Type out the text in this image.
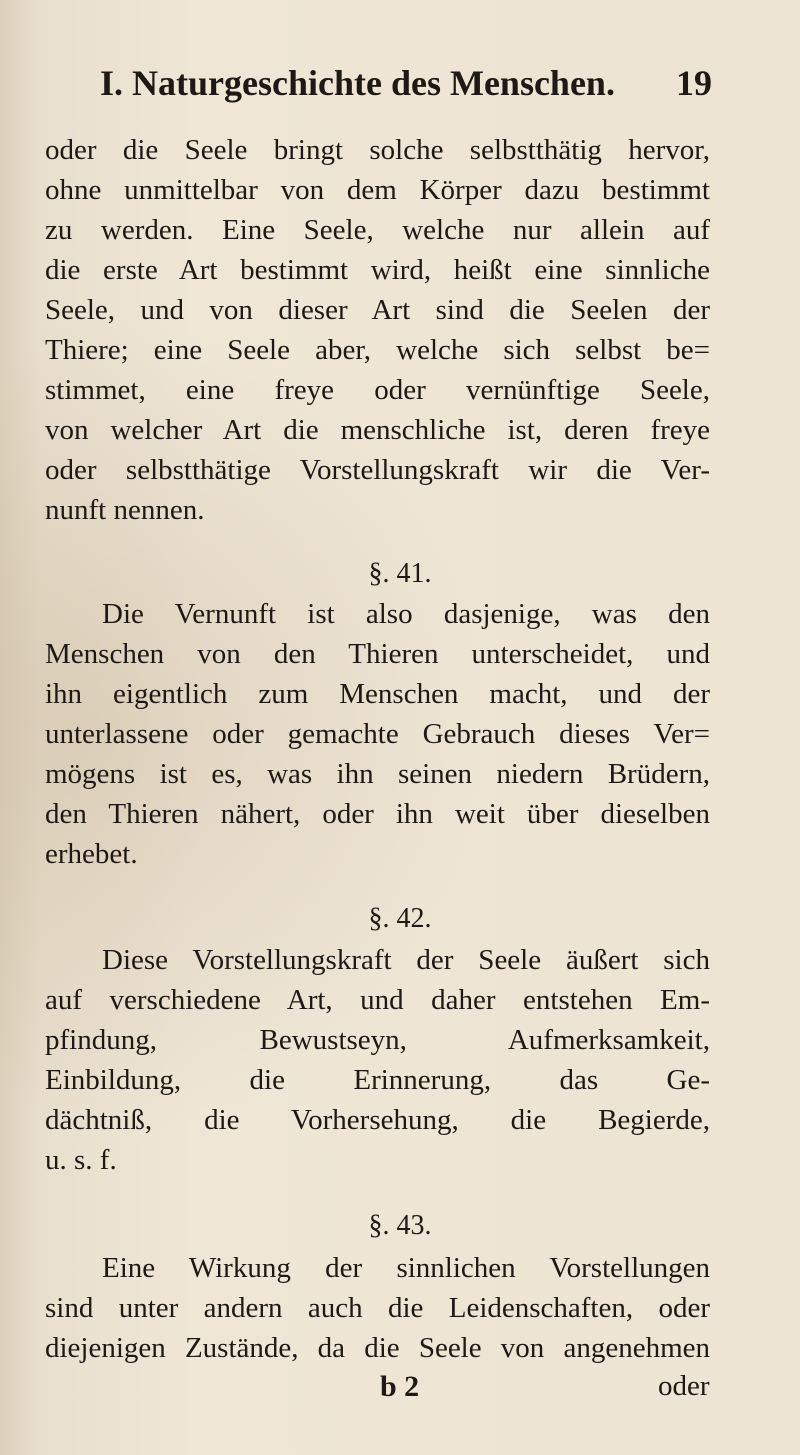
I. Naturgeschichte des Menschen. 19
oder die Seele bringt solche selbstthätig hervor,
ohne unmittelbar von dem Körper dazu bestimmt
zu werden. Eine Seele, welche nur allein auf
die erste Art bestimmt wird, heißt eine sinnliche
Seele, und von dieser Art sind die Seelen der
Thiere; eine Seele aber, welche sich selbst be=
stimmet, eine freye oder vernünftige Seele,
von welcher Art die menschliche ist, deren freye
oder selbstthätige Vorstellungskraft wir die Ver-
nunft nennen.
§. 41.
Die Vernunft ist also dasjenige, was den
Menschen von den Thieren unterscheidet, und
ihn eigentlich zum Menschen macht, und der
unterlassene oder gemachte Gebrauch dieses Ver=
mögens ist es, was ihn seinen niedern Brüdern,
den Thieren nähert, oder ihn weit über dieselben
erhebet.
§. 42.
Diese Vorstellungskraft der Seele äußert sich
auf verschiedene Art, und daher entstehen Em-
pfindung, Bewustseyn, Aufmerksamkeit,
Einbildung, die Erinnerung, das Ge-
dächtniß, die Vorhersehung, die Begierde,
u. s. f.
§. 43.
Eine Wirkung der sinnlichen Vorstellungen
sind unter andern auch die Leidenschaften, oder
diejenigen Zustände, da die Seele von angenehmen
b 2	oder
